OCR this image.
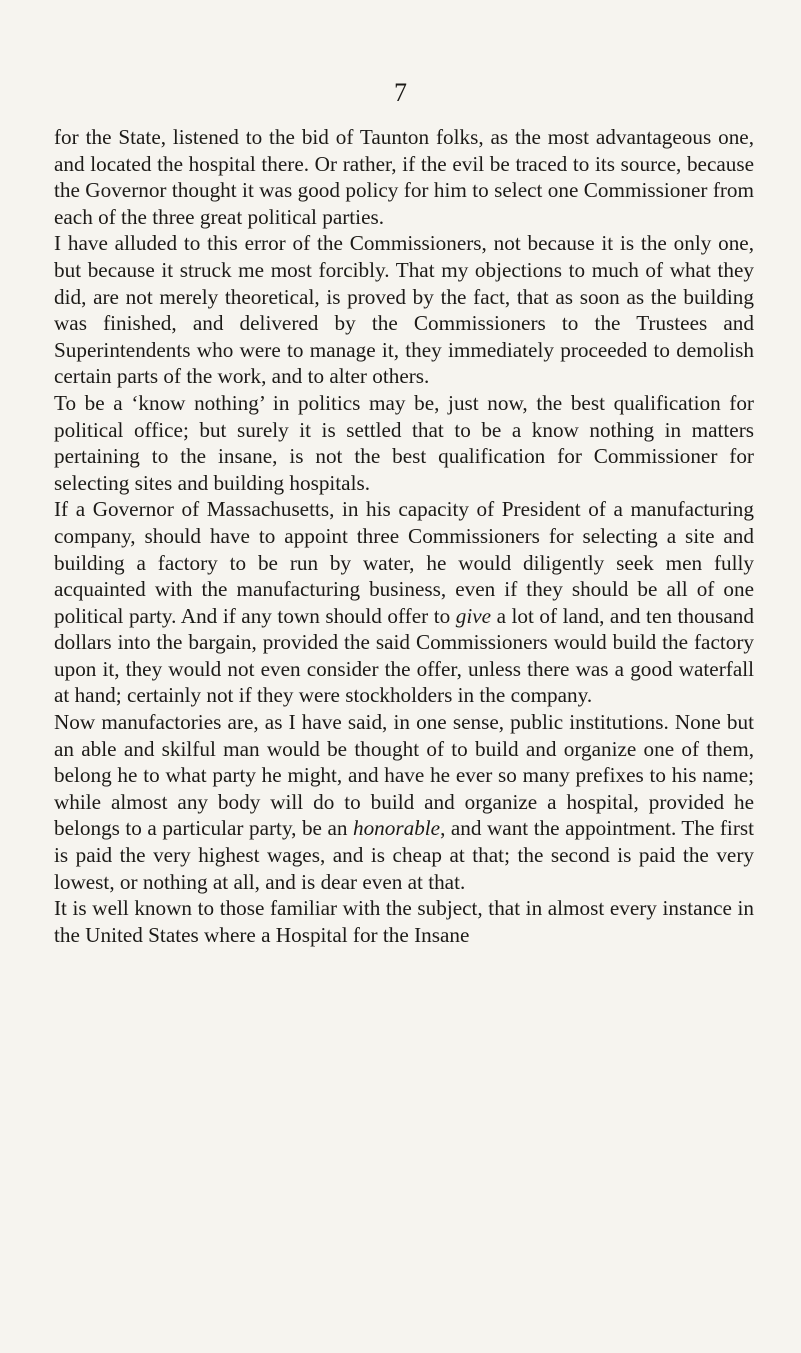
7

for the State, listened to the bid of Taunton folks, as the most advantageous one, and located the hospital there. Or rather, if the evil be traced to its source, because the Governor thought it was good policy for him to select one Commissioner from each of the three great political parties.

I have alluded to this error of the Commissioners, not because it is the only one, but because it struck me most forcibly. That my objections to much of what they did, are not merely theoretical, is proved by the fact, that as soon as the building was finished, and delivered by the Commissioners to the Trustees and Superintendents who were to manage it, they immediately proceeded to demolish certain parts of the work, and to alter others.

To be a ‘know nothing’ in politics may be, just now, the best qualification for political office; but surely it is settled that to be a know nothing in matters pertaining to the insane, is not the best qualification for Commissioner for selecting sites and building hospitals.

If a Governor of Massachusetts, in his capacity of President of a manufacturing company, should have to appoint three Commissioners for selecting a site and building a factory to be run by water, he would diligently seek men fully acquainted with the manufacturing business, even if they should be all of one political party. And if any town should offer to give a lot of land, and ten thousand dollars into the bargain, provided the said Commissioners would build the factory upon it, they would not even consider the offer, unless there was a good waterfall at hand; certainly not if they were stockholders in the company.

Now manufactories are, as I have said, in one sense, public institutions. None but an able and skilful man would be thought of to build and organize one of them, belong he to what party he might, and have he ever so many prefixes to his name; while almost any body will do to build and organize a hospital, provided he belongs to a particular party, be an honorable, and want the appointment. The first is paid the very highest wages, and is cheap at that; the second is paid the very lowest, or nothing at all, and is dear even at that.

It is well known to those familiar with the subject, that in almost every instance in the United States where a Hospital for the Insane
